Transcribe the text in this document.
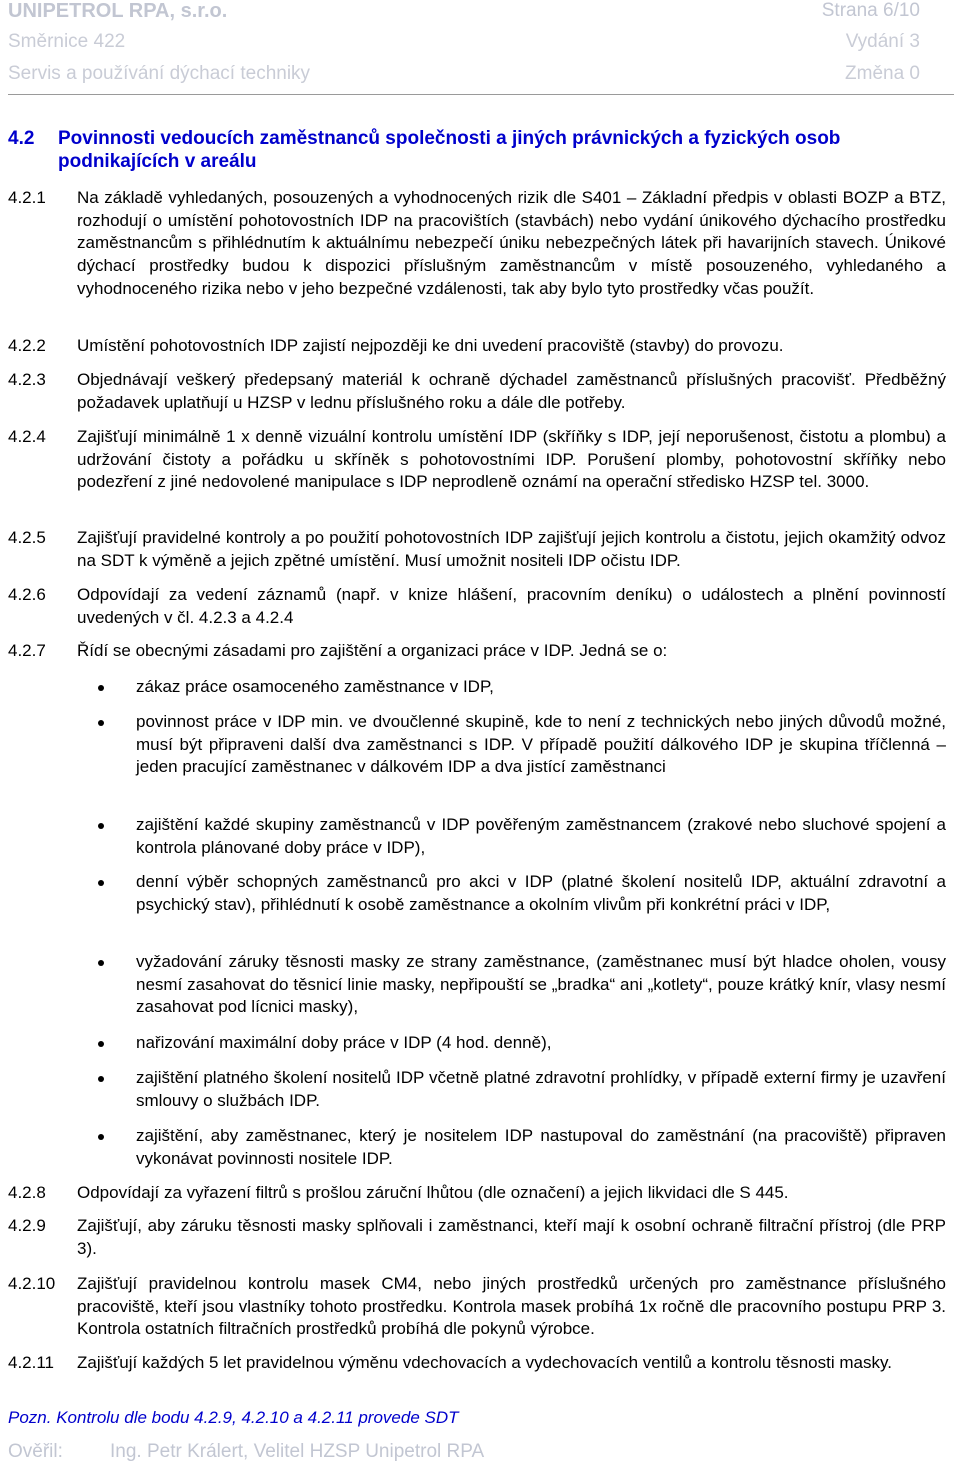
UNIPETROL RPA, s.r.o.	Strana 6/10
Směrnice 422	Vydání 3
Servis a používání dýchací techniky	Změna 0
4.2 Povinnosti vedoucích zaměstnanců společnosti a jiných právnických a fyzických osob podnikajících v areálu
4.2.1 Na základě vyhledaných, posouzených a vyhodnocených rizik dle S401 – Základní předpis v oblasti BOZP a BTZ, rozhodují o umístění pohotovostních IDP na pracovištích (stavbách) nebo vydání únikového dýchacího prostředku zaměstnancům s přihlédnutím k aktuálnímu nebezpečí úniku nebezpečných látek při havarijních stavech. Únikové dýchací prostředky budou k dispozici příslušným zaměstnancům v místě posouzeného, vyhledaného a vyhodnoceného rizika nebo v jeho bezpečné vzdálenosti, tak aby bylo tyto prostředky včas použít.
4.2.2 Umístění pohotovostních IDP zajistí nejpozději ke dni uvedení pracoviště (stavby) do provozu.
4.2.3 Objednávají veškerý předepsaný materiál k ochraně dýchadel zaměstnanců příslušných pracovišť. Předběžný požadavek uplatňují u HZSP v lednu příslušného roku a dále dle potřeby.
4.2.4 Zajišťují minimálně 1 x denně vizuální kontrolu umístění IDP (skříňky s IDP, její neporušenost, čistotu a plombu) a udržování čistoty a pořádku u skříněk s pohotovostními IDP. Porušení plomby, pohotovostní skříňky nebo podezření z jiné nedovolené manipulace s IDP neprodleně oznámí na operační středisko HZSP tel. 3000.
4.2.5 Zajišťují pravidelné kontroly a po použití pohotovostních IDP zajišťují jejich kontrolu a čistotu, jejich okamžitý odvoz na SDT k výměně a jejich zpětné umístění. Musí umožnit nositeli IDP očistu IDP.
4.2.6 Odpovídají za vedení záznamů (např. v knize hlášení, pracovním deníku) o událostech a plnění povinností uvedených v čl. 4.2.3 a 4.2.4
4.2.7 Řídí se obecnými zásadami pro zajištění a organizaci práce v IDP. Jedná se o:
zákaz práce osamoceného zaměstnance v IDP,
povinnost práce v IDP min. ve dvoučlenné skupině, kde to není z technických nebo jiných důvodů možné, musí být připraveni další dva zaměstnanci s IDP. V případě použití dálkového IDP je skupina tříčlenná – jeden pracující zaměstnanec v dálkovém IDP a dva jistící zaměstnanci
zajištění každé skupiny zaměstnanců v IDP pověřeným zaměstnancem (zrakové nebo sluchové spojení a kontrola plánované doby práce v IDP),
denní výběr schopných zaměstnanců pro akci v IDP (platné školení nositelů IDP, aktuální zdravotní a psychický stav), přihlédnutí k osobě zaměstnance a okolním vlivům při konkrétní práci v IDP,
vyžadování záruky těsnosti masky ze strany zaměstnance, (zaměstnanec musí být hladce oholen, vousy nesmí zasahovat do těsnicí linie masky, nepřipouští se „bradka“ ani „kotlety“, pouze krátký knír, vlasy nesmí zasahovat pod lícnici masky),
nařizování maximální doby práce v IDP (4 hod. denně),
zajištění platného školení nositelů IDP včetně platné zdravotní prohlídky, v případě externí firmy je uzavření smlouvy o službách IDP.
zajištění, aby zaměstnanec, který je nositelem IDP nastupoval do zaměstnání (na pracoviště) připraven vykonávat povinnosti nositele IDP.
4.2.8 Odpovídají za vyřazení filtrů s prošlou záruční lhůtou (dle označení) a jejich likvidaci dle S 445.
4.2.9 Zajišťují, aby záruku těsnosti masky splňovali i zaměstnanci, kteří mají k osobní ochraně filtrační přístroj (dle PRP 3).
4.2.10 Zajišťují pravidelnou kontrolu masek CM4, nebo jiných prostředků určených pro zaměstnance příslušného pracoviště, kteří jsou vlastníky tohoto prostředku. Kontrola masek probíhá 1x ročně dle pracovního postupu PRP 3. Kontrola ostatních filtračních prostředků probíhá dle pokynů výrobce.
4.2.11 Zajišťují každých 5 let pravidelnou výměnu vdechovacích a vydechovacích ventilů a kontrolu těsnosti masky.
Pozn. Kontrolu dle bodu 4.2.9, 4.2.10 a 4.2.11 provede SDT
Ověřil: Ing. Petr Králert, Velitel HZSP Unipetrol RPA
